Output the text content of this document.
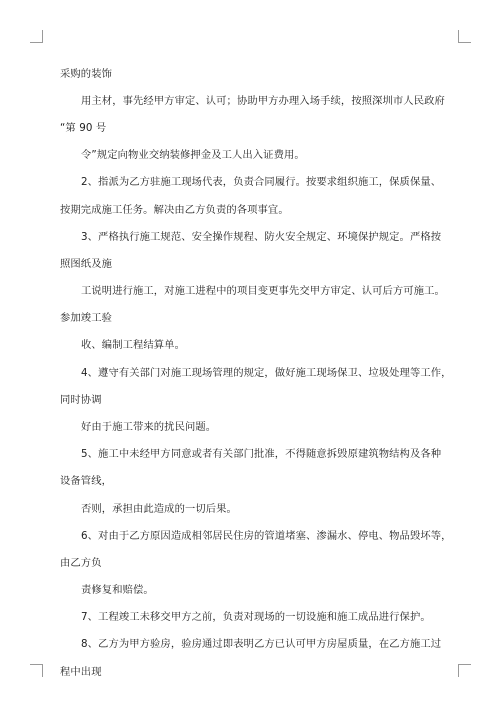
采购的装饰
用主材，事先经甲方审定、认可；协助甲方办理入场手续，按照深圳市人民政府
“第 90 号
令”规定向物业交纳装修押金及工人出入证费用。
2、指派为乙方驻施工现场代表，负责合同履行。按要求组织施工，保质保量、
按期完成施工任务。解决由乙方负责的各项事宜。
3、严格执行施工规范、安全操作规程、防火安全规定、环境保护规定。严格按
照图纸及施
工说明进行施工，对施工进程中的项目变更事先交甲方审定、认可后方可施工。
参加竣工验
收、编制工程结算单。
4、遵守有关部门对施工现场管理的规定，做好施工现场保卫、垃圾处理等工作，
同时协调
好由于施工带来的扰民问题。
5、施工中未经甲方同意或者有关部门批准，不得随意拆毁原建筑物结构及各种
设备管线，
否则，承担由此造成的一切后果。
6、对由于乙方原因造成相邻居民住房的管道堵塞、渗漏水、停电、物品毁坏等，
由乙方负
责修复和赔偿。
7、工程竣工未移交甲方之前，负责对现场的一切设施和施工成品进行保护。
8、乙方为甲方验房，验房通过即表明乙方已认可甲方房屋质量，在乙方施工过
程中出现
